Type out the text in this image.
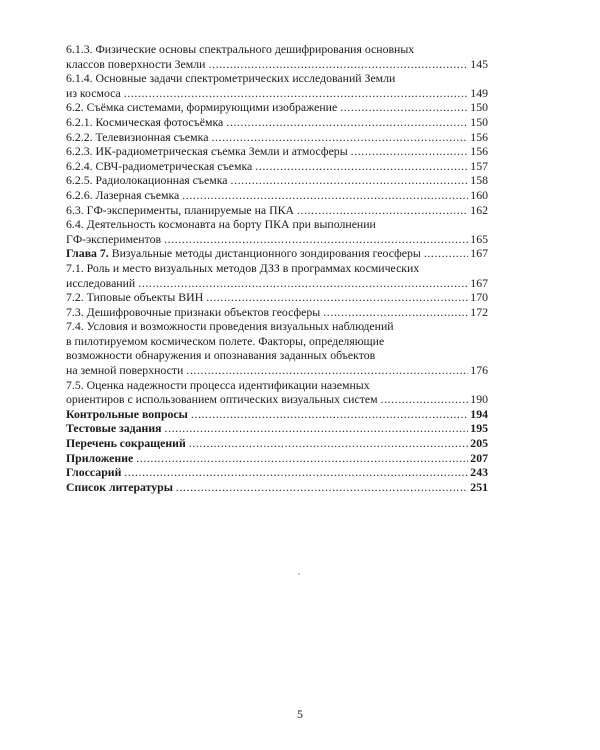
6.1.3. Физические основы спектрального дешифрирования основных
классов поверхности Земли .....	145
6.1.4. Основные задачи спектрометрических исследований Земли
из космоса .....	149
6.2. Съёмка системами, формирующими изображение .....	150
6.2.1. Космическая фотосъёмка .....	150
6.2.2. Телевизионная съемка .....	156
6.2.3. ИК-радиометрическая съемка Земли и атмосферы .....	156
6.2.4. СВЧ-радиометрическая съемка .....	157
6.2.5. Радиолокационная съемка .....	158
6.2.6. Лазерная съемка .....	160
6.3. ГФ-эксперименты, планируемые на ПКА .....	162
6.4. Деятельность космонавта на борту ПКА при выполнении
ГФ-экспериментов .....	165
Глава 7. Визуальные методы дистанционного зондирования геосферы .....	167
7.1. Роль и место визуальных методов ДЗЗ в программах космических
исследований .....	167
7.2. Типовые объекты ВИН .....	170
7.3. Дешифровочные признаки объектов геосферы .....	172
7.4. Условия и возможности проведения визуальных наблюдений
в пилотируемом космическом полете. Факторы, определяющие
возможности обнаружения и опознавания заданных объектов
на земной поверхности .....	176
7.5. Оценка надежности процесса идентификации наземных
ориентиров с использованием оптических визуальных систем .....	190
Контрольные вопросы .....	194
Тестовые задания .....	195
Перечень сокращений .....	205
Приложение .....	207
Глоссарий .....	243
Список литературы .....	251
5
